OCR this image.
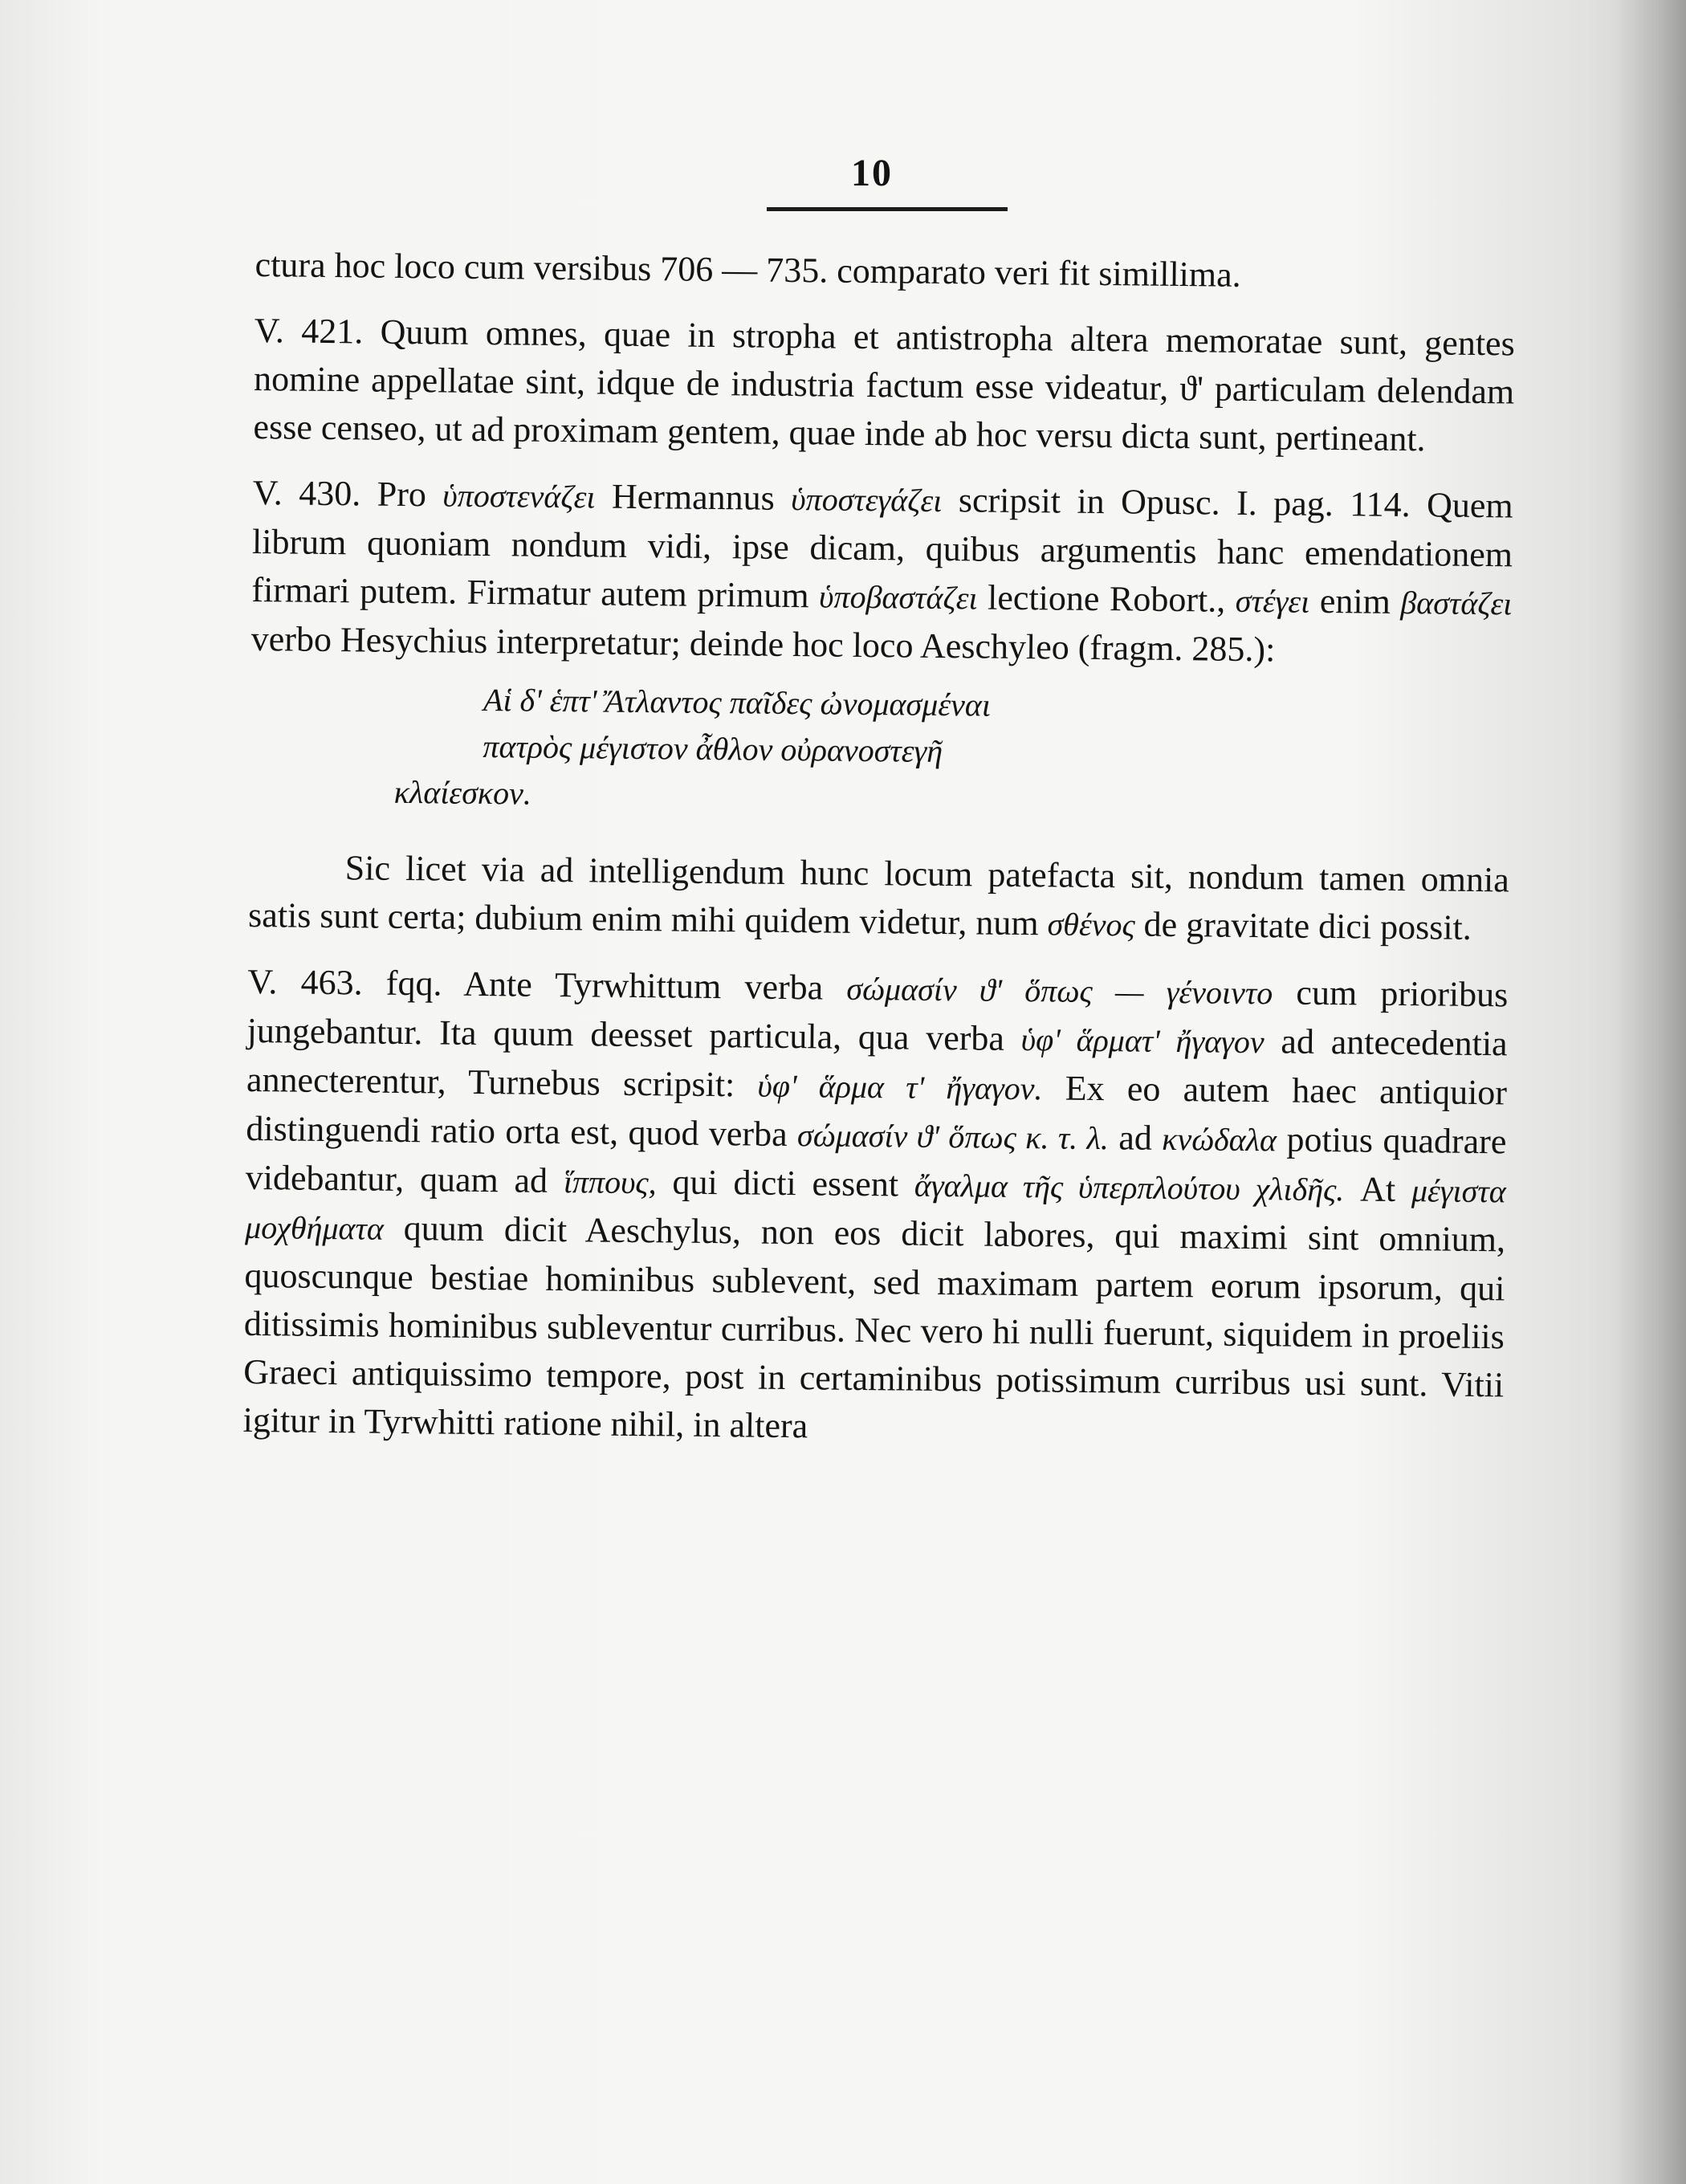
10

ctura hoc loco cum versibus 706 — 735. comparato veri fit simillima.

V. 421. Quum omnes, quae in stropha et antistropha altera memoratae sunt, gentes nomine appellatae sint, idque de industria factum esse videatur, ϑ' particulam delendam esse censeo, ut ad proximam gentem, quae inde ab hoc versu dicta sunt, pertineant.

V. 430. Pro ὑποστενάζει Hermannus ὑποστεγάζει scripsit in Opusc. I. pag. 114. Quem librum quoniam nondum vidi, ipse dicam, quibus argumentis hanc emendationem firmari putem. Firmatur autem primum ὑποβαστάζει lectione Robort., στέγει enim βαστάζει verbo Hesychius interpretatur; deinde hoc loco Aeschyleo (fragm. 285.):

Αἱ δ' ἑπτ' Ἄτλαντος παῖδες ὠνομασμέναι
πατρὸς μέγιστον ἆθλον οὐρανοστεγῆ
κλαίεσκον.

Sic licet via ad intelligendum hunc locum patefacta sit, nondum tamen omnia satis sunt certa; dubium enim mihi quidem videtur, num σθένος de gravitate dici possit.

V. 463. fqq. Ante Tyrwhittum verba σώμασίν ϑ' ὅπως — γένοιντο cum prioribus jungebantur. Ita quum deesset particula, qua verba ὑφ' ἅρματ' ἤγαγον ad antecedentia annecterentur, Turnebus scripsit: ὑφ' ἅρμα τ' ἤγαγον. Ex eo autem haec antiquior distinguendi ratio orta est, quod verba σώμασίν ϑ' ὅπως κ. τ. λ. ad κνώδαλα potius quadrare videbantur, quam ad ἵππους, qui dicti essent ἄγαλμα τῆς ὑπερπλούτου χλιδῆς. At μέγιστα μοχθήματα quum dicit Aeschylus, non eos dicit labores, qui maximi sint omnium, quoscunque bestiae hominibus sublevent, sed maximam partem eorum ipsorum, qui ditissimis hominibus subleventur curribus. Nec vero hi nulli fuerunt, siquidem in proeliis Graeci antiquissimo tempore, post in certaminibus potissimum curribus usi sunt. Vitii igitur in Tyrwhitti ratione nihil, in altera
